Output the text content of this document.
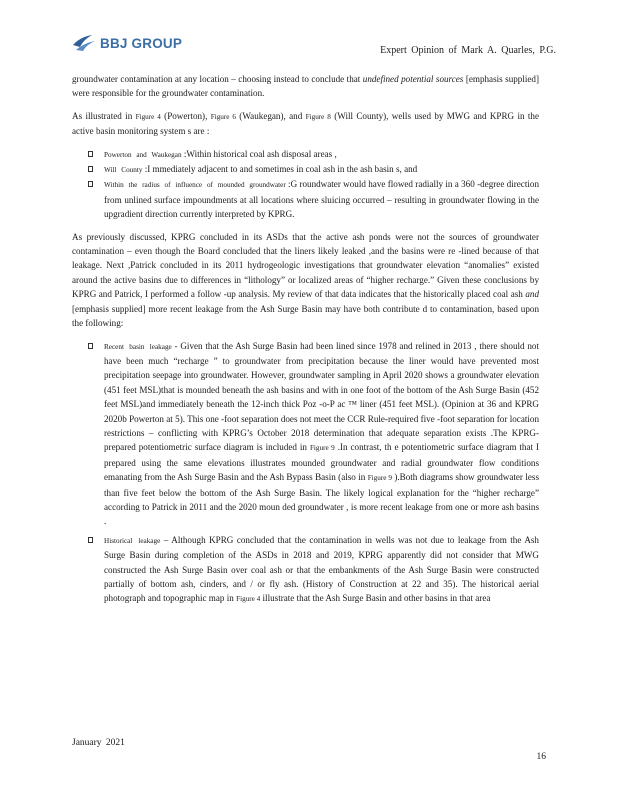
BBJ GROUP	Expert Opinion of Mark A. Quarles, P.G.

groundwater contamination at any location – choosing instead to conclude that undefined potential sources [emphasis supplied] were responsible for the groundwater contamination.

As illustrated in Figure 4 (Powerton), Figure 6 (Waukegan), and Figure 8 (Will County), wells used by MWG and KPRG in the active basin monitoring system s are :

Powerton and Waukegan :Within historical coal ash disposal areas ,
Will County :I mmediately adjacent to and sometimes in coal ash in the ash basin s, and
Within the radius of influence of mounded groundwater :G roundwater would have flowed radially in a 360 -degree direction from unlined surface impoundments at all locations where sluicing occurred – resulting in groundwater flowing in the upgradient direction currently interpreted by KPRG.

As previously discussed, KPRG concluded in its ASDs that the active ash ponds were not the sources of groundwater contamination – even though the Board concluded that the liners likely leaked ,and the basins were re -lined because of that leakage. Next ,Patrick concluded in its 2011 hydrogeologic investigations that groundwater elevation “anomalies” existed around the active basins due to differences in “lithology” or localized areas of “higher recharge.” Given these conclusions by KPRG and Patrick, I performed a follow -up analysis. My review of that data indicates that the historically placed coal ash and [emphasis supplied] more recent leakage from the Ash Surge Basin may have both contribute d to contamination, based upon the following:

Recent basin leakage - Given that the Ash Surge Basin had been lined since 1978 and relined in 2013 , there should not have been much “recharge ” to groundwater from precipitation because the liner would have prevented most precipitation seepage into groundwater. However, groundwater sampling in April 2020 shows a groundwater elevation (451 feet MSL)that is mounded beneath the ash basins and with in one foot of the bottom of the Ash Surge Basin (452 feet MSL)and immediately beneath the 12-inch thick Poz -o-P ac ™ liner (451 feet MSL). (Opinion at 36 and KPRG 2020b Powerton at 5). This one -foot separation does not meet the CCR Rule-required five -foot separation for location restrictions – conflicting with KPRG’s October 2018 determination that adequate separation exists .The KPRG-prepared potentiometric surface diagram is included in Figure 9 .In contrast, th e potentiometric surface diagram that I prepared using the same elevations illustrates mounded groundwater and radial groundwater flow conditions emanating from the Ash Surge Basin and the Ash Bypass Basin (also in Figure 9 ).Both diagrams show groundwater less than five feet below the bottom of the Ash Surge Basin. The likely logical explanation for the “higher recharge” according to Patrick in 2011 and the 2020 moun ded groundwater , is more recent leakage from one or more ash basins .
Historical leakage – Although KPRG concluded that the contamination in wells was not due to leakage from the Ash Surge Basin during completion of the ASDs in 2018 and 2019, KPRG apparently did not consider that MWG constructed the Ash Surge Basin over coal ash or that the embankments of the Ash Surge Basin were constructed partially of bottom ash, cinders, and / or fly ash. (History of Construction at 22 and 35). The historical aerial photograph and topographic map in Figure 4 illustrate that the Ash Surge Basin and other basins in that area
January 2021
16
